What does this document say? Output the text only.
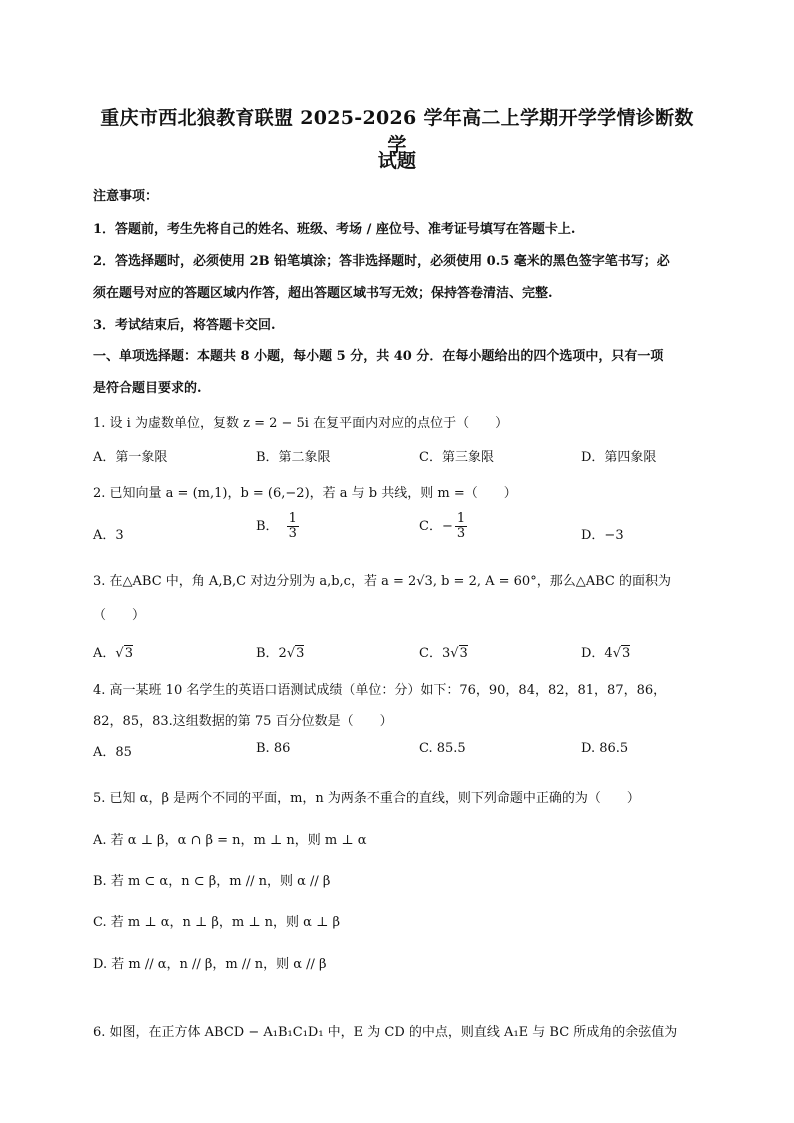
重庆市西北狼教育联盟 2025-2026 学年高二上学期开学学情诊断数学
试题
注意事项：
1．答题前，考生先将自己的姓名、班级、考场 / 座位号、准考证号填写在答题卡上.
2．答选择题时，必须使用 2B 铅笔填涂；答非选择题时，必须使用 0.5 毫米的黑色签字笔书写；必
须在题号对应的答题区域内作答，超出答题区域书写无效；保持答卷清洁、完整.
3．考试结束后，将答题卡交回.
一、单项选择题：本题共 8 小题，每小题 5 分，共 40 分．在每小题给出的四个选项中，只有一项
是符合题目要求的.
1. 设 i 为虚数单位，复数 z = 2 − 5i 在复平面内对应的点位于（　　）
A．第一象限	B．第二象限	C．第三象限	D．第四象限
2. 已知向量 a = (m,1)，b = (6,−2)，若 a 与 b 共线，则 m =（　　）
A．3
B． $\frac{1}{3}$	C．− $\frac{1}{3}$	D．−3
3. 在△ABC 中，角 A,B,C 对边分别为 a,b,c，若 a = 2√3, b = 2, A = 60°，那么△ABC 的面积为
（　　）
A．√3	B．2√3	C．3√3	D．4√3
4. 高一某班 10 名学生的英语口语测试成绩（单位：分）如下：76，90，84，82，81，87，86，
82，85，83.这组数据的第 75 百分位数是（　　）
A．85	B. 86	C. 85.5	D. 86.5
5. 已知 α，β 是两个不同的平面，m，n 为两条不重合的直线，则下列命题中正确的为（　　）
A. 若 α ⊥ β，α ∩ β = n，m ⊥ n，则 m ⊥ α
B. 若 m ⊂ α，n ⊂ β，m // n，则 α // β
C. 若 m ⊥ α，n ⊥ β，m ⊥ n，则 α ⊥ β
D. 若 m // α，n // β，m // n，则 α // β
6. 如图，在正方体 ABCD − A₁B₁C₁D₁ 中，E 为 CD 的中点，则直线 A₁E 与 BC 所成角的余弦值为
